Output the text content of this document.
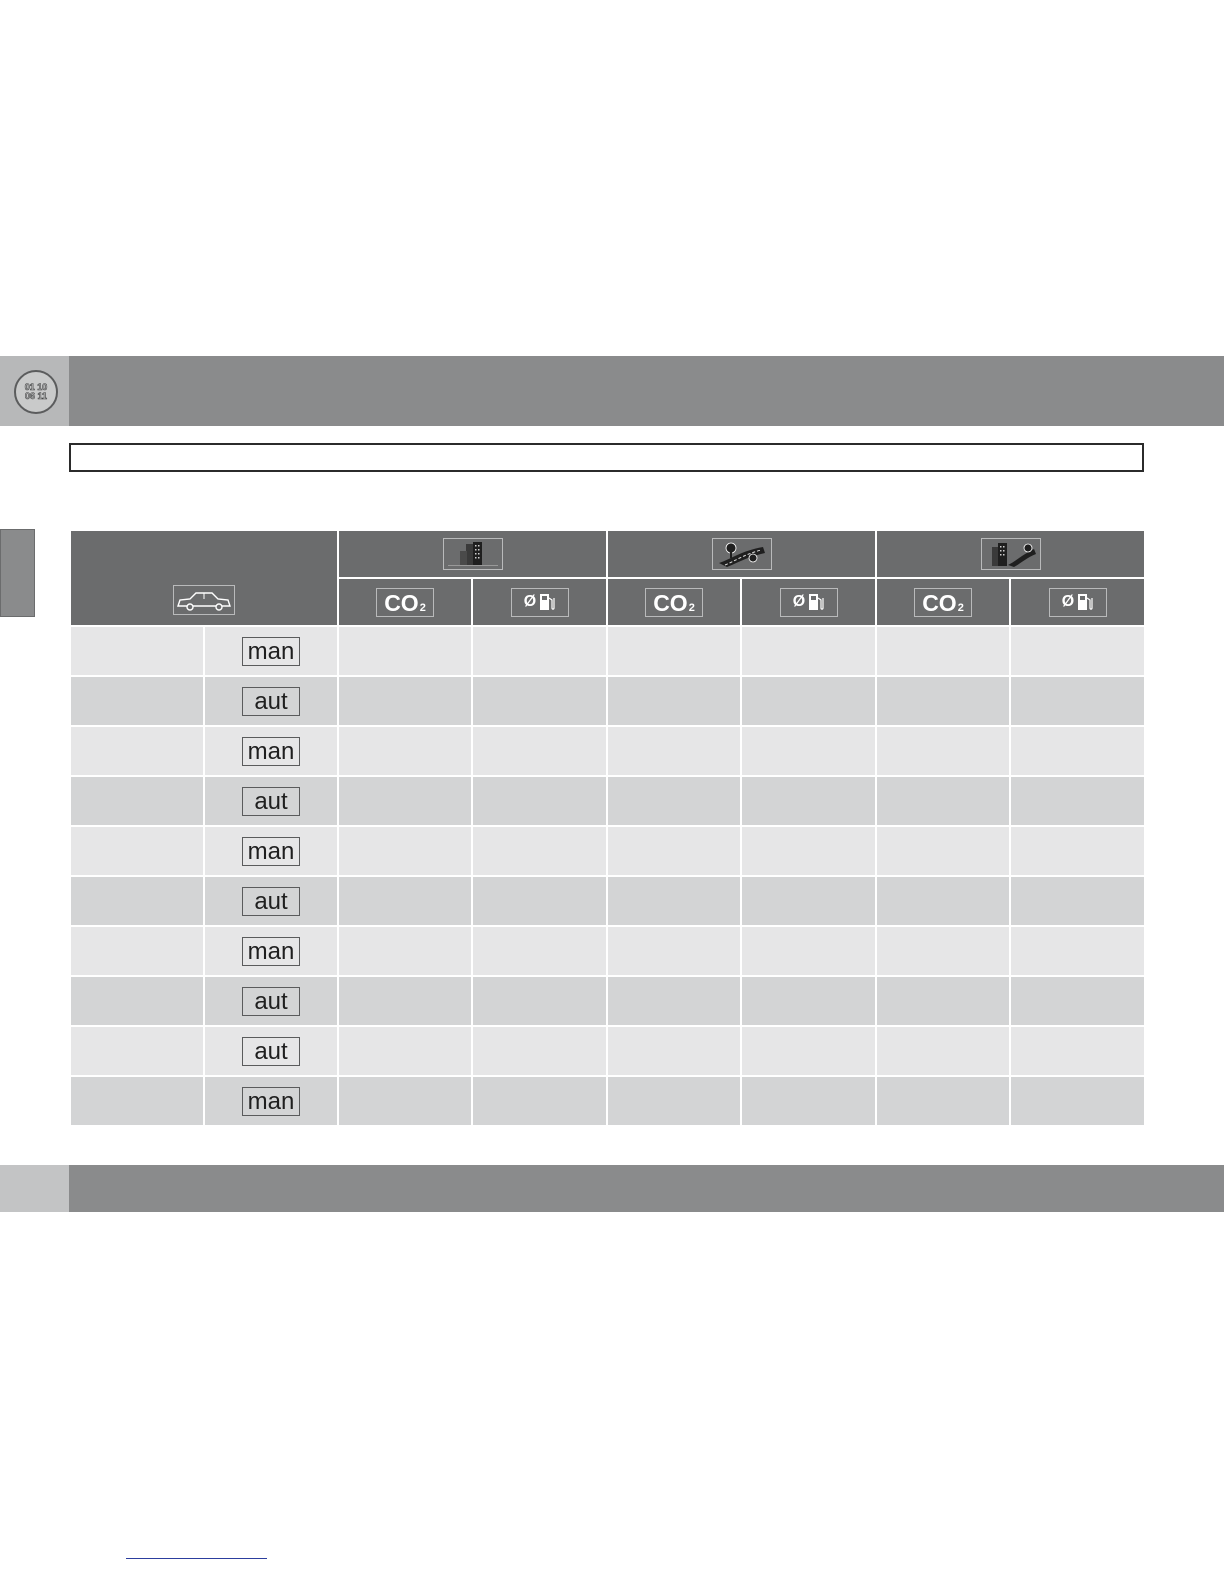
01 10
06 11

		CO 2	Ø	CO 2	Ø	CO 2	Ø

	man						
	aut						
	man						
	aut						
	man						
	aut						
	man						
	aut						
	aut						
	man						
